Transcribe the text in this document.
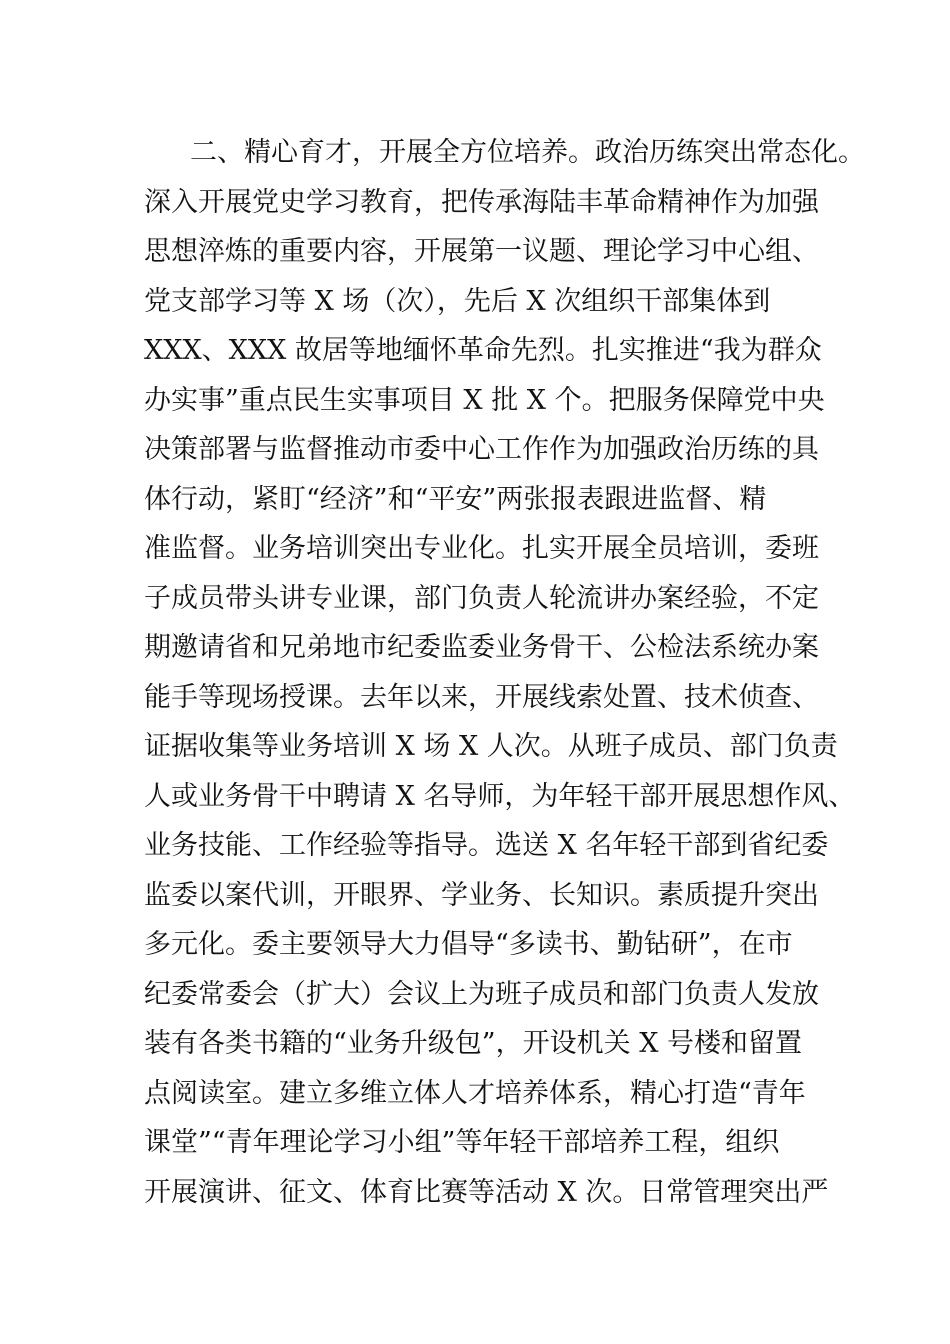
二、精心育才，开展全方位培养。政治历练突出常态化。
深入开展党史学习教育，把传承海陆丰革命精神作为加强
思想淬炼的重要内容，开展第一议题、理论学习中心组、
党支部学习等 X 场（次），先后 X 次组织干部集体到
XXX、XXX 故居等地缅怀革命先烈。扎实推进“我为群众
办实事”重点民生实事项目 X 批 X 个。把服务保障党中央
决策部署与监督推动市委中心工作作为加强政治历练的具
体行动，紧盯“经济”和“平安”两张报表跟进监督、精
准监督。业务培训突出专业化。扎实开展全员培训，委班
子成员带头讲专业课，部门负责人轮流讲办案经验，不定
期邀请省和兄弟地市纪委监委业务骨干、公检法系统办案
能手等现场授课。去年以来，开展线索处置、技术侦查、
证据收集等业务培训 X 场 X 人次。从班子成员、部门负责
人或业务骨干中聘请 X 名导师，为年轻干部开展思想作风、
业务技能、工作经验等指导。选送 X 名年轻干部到省纪委
监委以案代训，开眼界、学业务、长知识。素质提升突出
多元化。委主要领导大力倡导“多读书、勤钻研”，在市
纪委常委会（扩大）会议上为班子成员和部门负责人发放
装有各类书籍的“业务升级包”，开设机关 X 号楼和留置
点阅读室。建立多维立体人才培养体系，精心打造“青年
课堂”“青年理论学习小组”等年轻干部培养工程，组织
开展演讲、征文、体育比赛等活动 X 次。日常管理突出严
